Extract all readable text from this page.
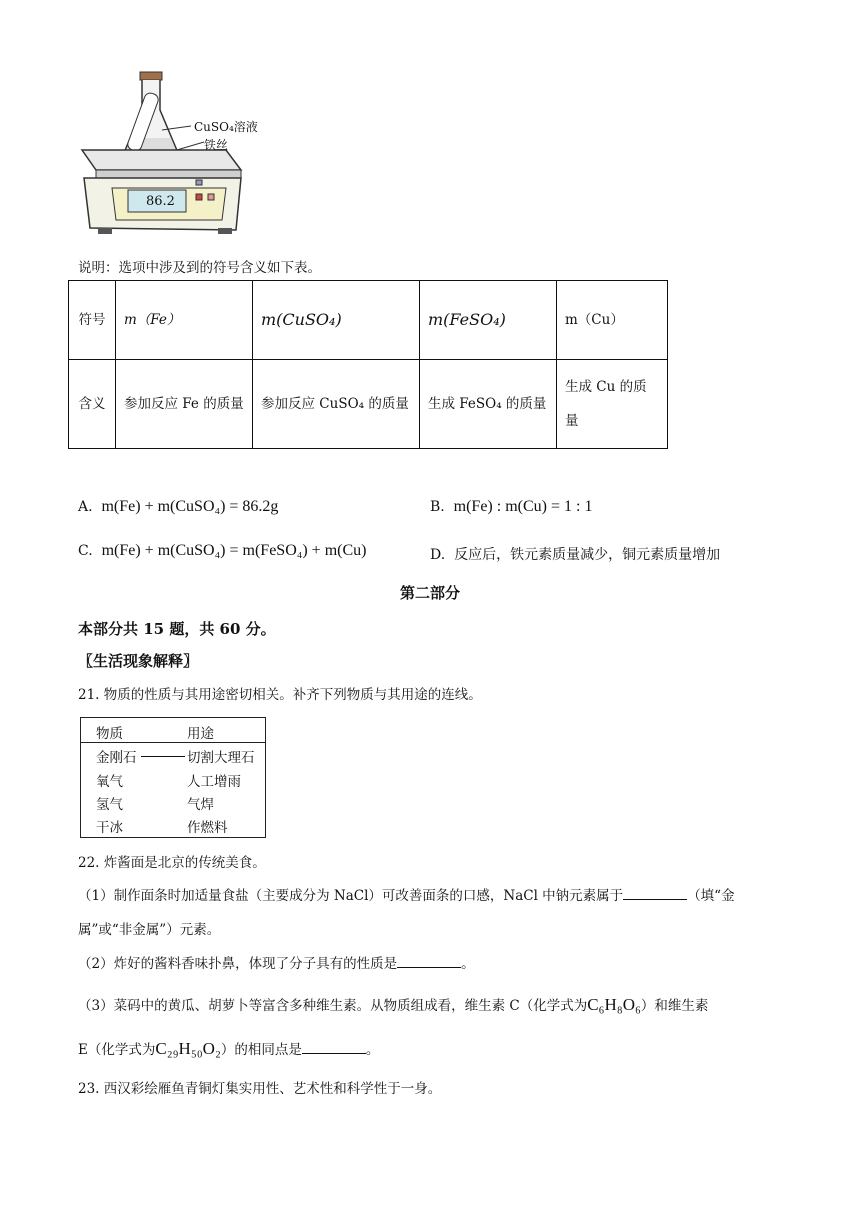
CuSO₄溶液
铁丝
86.2
说明：选项中涉及到的符号含义如下表。
符号	m（Fe）	m(CuSO₄)	m(FeSO₄)	m（Cu）
含义	参加反应 Fe 的质量	参加反应 CuSO₄ 的质量	生成 FeSO₄ 的质量	生成 Cu 的质量
A. m(Fe) + m(CuSO₄) = 86.2g	B. m(Fe) : m(Cu) = 1 : 1
C. m(Fe) + m(CuSO₄) = m(FeSO₄) + m(Cu)	D. 反应后，铁元素质量减少，铜元素质量增加
第二部分
本部分共 15 题，共 60 分。
〖生活现象解释〗
21. 物质的性质与其用途密切相关。补齐下列物质与其用途的连线。
物质	用途
金刚石	切割大理石
氧气	人工增雨
氢气	气焊
干冰	作燃料
22. 炸酱面是北京的传统美食。
（1）制作面条时加适量食盐（主要成分为 NaCl）可改善面条的口感，NaCl 中钠元素属于	（填“金
属”或“非金属”）元素。
（2）炸好的酱料香味扑鼻，体现了分子具有的性质是	。
（3）菜码中的黄瓜、胡萝卜等富含多种维生素。从物质组成看，维生素 C（化学式为C₆H₈O₆）和维生素
E（化学式为C₂₉H₅₀O₂）的相同点是	。
23. 西汉彩绘雁鱼青铜灯集实用性、艺术性和科学性于一身。
